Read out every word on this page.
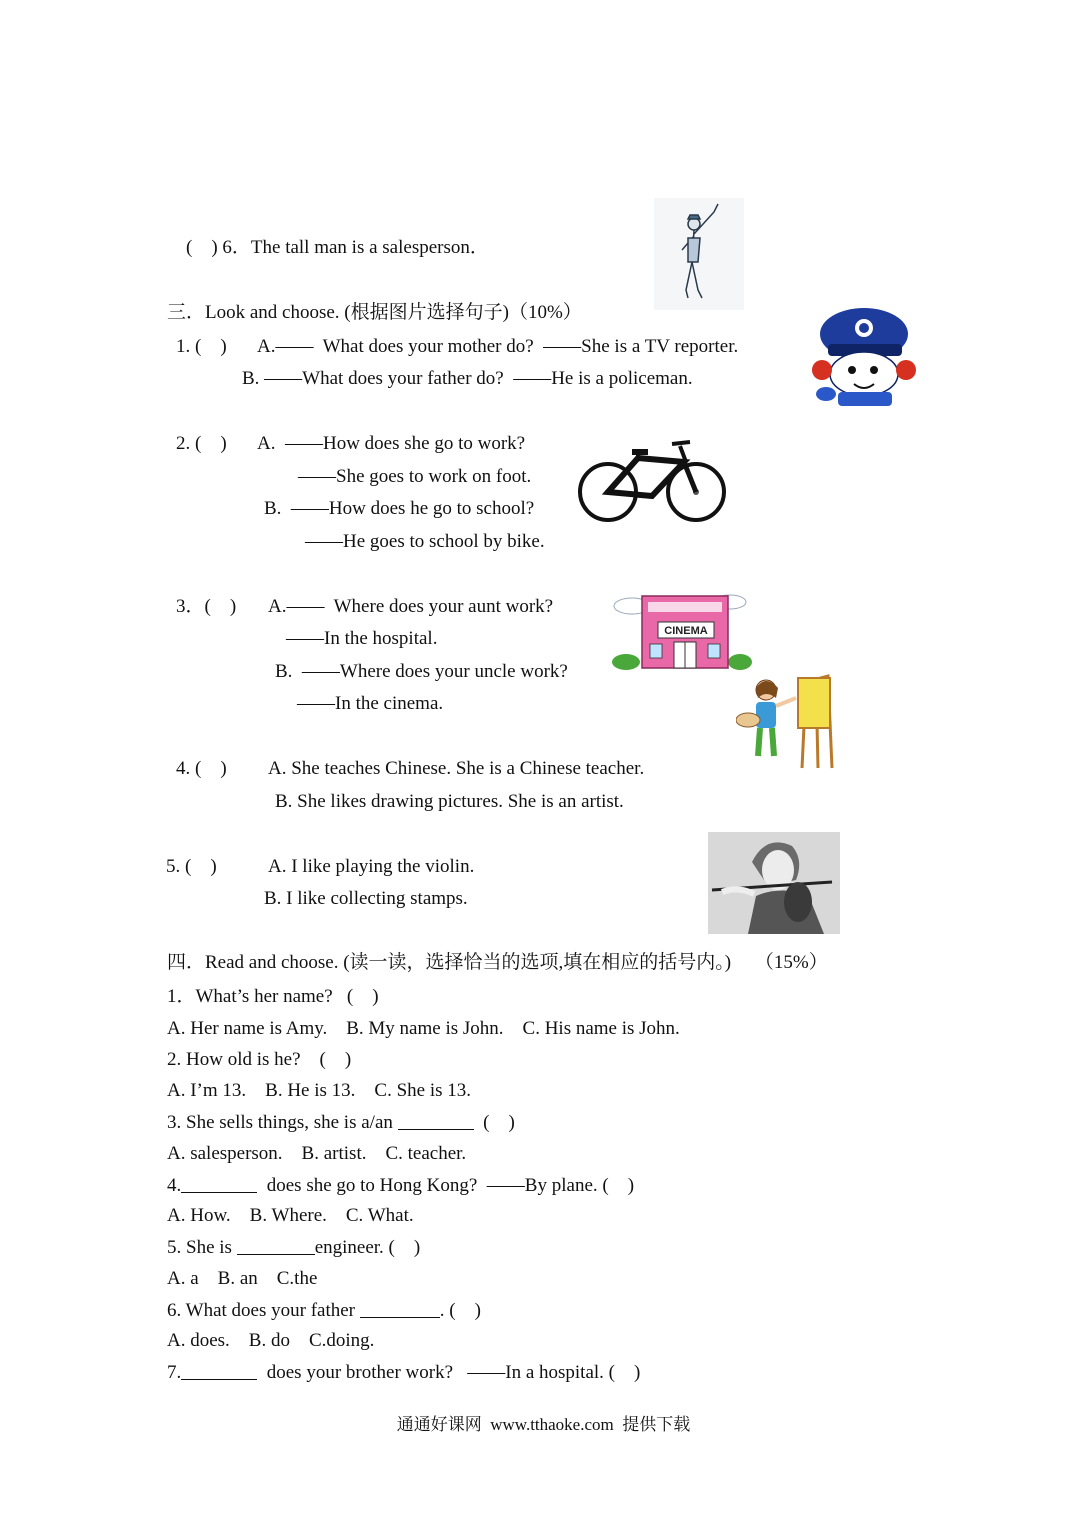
(    ) 6．The tall man is a salesperson．
三．Look and choose. (根据图片选择句子)（10%）
1. (    ) A.——  What does your mother do?  ——She is a TV reporter.
B. ——What does your father do?  ——He is a policeman.
2. (    ) A.  ——How does she go to work?
——She goes to work on foot.
B.  ——How does he go to school?
——He goes to school by bike.
3．(    ) A.——  Where does your aunt work?
——In the hospital.
B.  ——Where does your uncle work?
——In the cinema.
CINEMA
4. (    ) A. She teaches Chinese. She is a Chinese teacher.
B. She likes drawing pictures. She is an artist.
5. (    )	A. I like playing the violin.
B. I like collecting stamps.
四．Read and choose. (读一读，选择恰当的选项,填在相应的括号内。)     （15%）
1．What’s her name?   (    )
A. Her name is Amy.    B. My name is John.    C. His name is John.
2. How old is he?    (    )
A. I’m 13.    B. He is 13.    C. She is 13.
3. She sells things, she is a/an	(    )
A. salesperson.    B. artist.    C. teacher.
4.	does she go to Hong Kong?  ——By plane. (    )
A. How.    B. Where.    C. What.
5. She is	engineer. (    )
A. a    B. an    C.the
6. What does your father	. (    )
A. does.    B. do    C.doing.
7.	does your brother work?   ——In a hospital. (    )
通通好课网  www.tthaoke.com  提供下载
